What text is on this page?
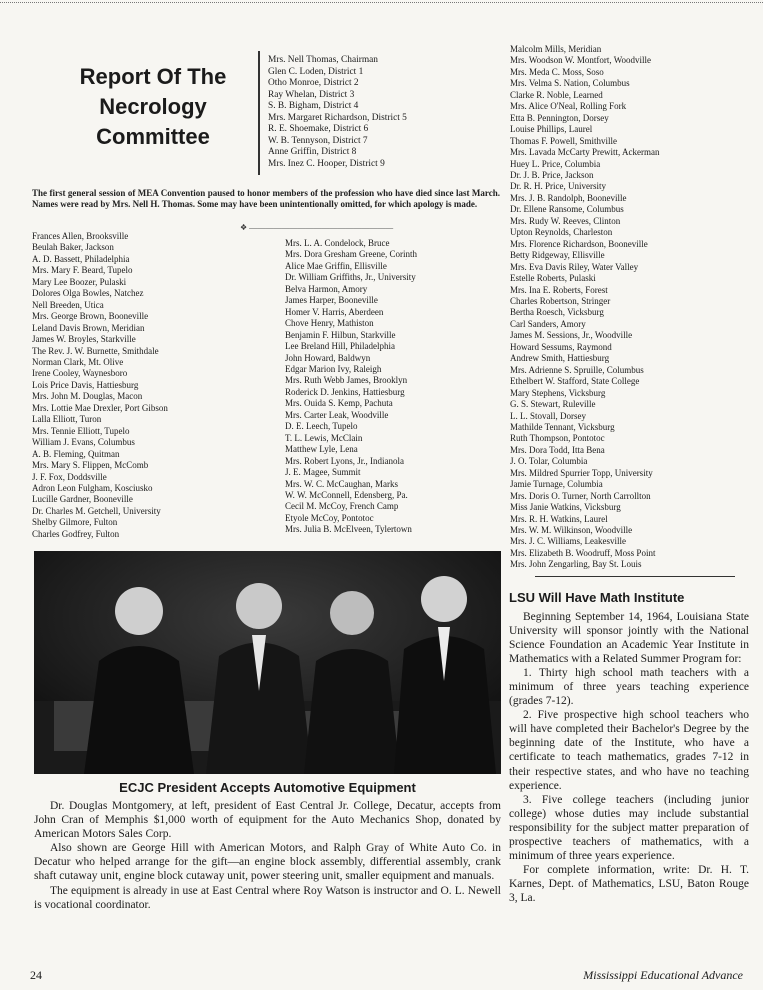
Report Of The Necrology Committee
Mrs. Nell Thomas, Chairman
Glen C. Loden, District 1
Otho Monroe, District 2
Ray Whelan, District 3
S. B. Bigham, District 4
Mrs. Margaret Richardson, District 5
R. E. Shoemake, District 6
W. B. Tennyson, District 7
Anne Griffin, District 8
Mrs. Inez C. Hooper, District 9
The first general session of MEA Convention paused to honor members of the profession who have died since last March. Names were read by Mrs. Nell H. Thomas. Some may have been unintentionally omitted, for which apology is made.
❖ ——————————————————
Frances Allen, Brooksville
Beulah Baker, Jackson
A. D. Bassett, Philadelphia
Mrs. Mary F. Beard, Tupelo
Mary Lee Boozer, Pulaski
Dolores Olga Bowles, Natchez
Nell Breeden, Utica
Mrs. George Brown, Booneville
Leland Davis Brown, Meridian
James W. Broyles, Starkville
The Rev. J. W. Burnette, Smithdale
Norman Clark, Mt. Olive
Irene Cooley, Waynesboro
Lois Price Davis, Hattiesburg
Mrs. John M. Douglas, Macon
Mrs. Lottie Mae Drexler, Port Gibson
Lalla Elliott, Turon
Mrs. Tennie Elliott, Tupelo
William J. Evans, Columbus
A. B. Fleming, Quitman
Mrs. Mary S. Flippen, McComb
J. F. Fox, Doddsville
Adron Leon Fulgham, Kosciusko
Lucille Gardner, Booneville
Dr. Charles M. Getchell, University
Shelby Gilmore, Fulton
Charles Godfrey, Fulton
Mrs. L. A. Condelock, Bruce
Mrs. Dora Gresham Greene, Corinth
Alice Mae Griffin, Ellisville
Dr. William Griffiths, Jr., University
Belva Harmon, Amory
James Harper, Booneville
Homer V. Harris, Aberdeen
Chove Henry, Mathiston
Benjamin F. Hilbun, Starkville
Lee Breland Hill, Philadelphia
John Howard, Baldwyn
Edgar Marion Ivy, Raleigh
Mrs. Ruth Webb James, Brooklyn
Roderick D. Jenkins, Hattiesburg
Mrs. Ouida S. Kemp, Pachuta
Mrs. Carter Leak, Woodville
D. E. Leech, Tupelo
T. L. Lewis, McClain
Matthew Lyle, Lena
Mrs. Robert Lyons, Jr., Indianola
J. E. Magee, Summit
Mrs. W. C. McCaughan, Marks
W. W. McConnell, Edensberg, Pa.
Cecil M. McCoy, French Camp
Etyole McCoy, Pontotoc
Mrs. Julia B. McElveen, Tylertown
Malcolm Mills, Meridian
Mrs. Woodson W. Montfort, Woodville
Mrs. Meda C. Moss, Soso
Mrs. Velma S. Nation, Columbus
Clarke R. Noble, Learned
Mrs. Alice O'Neal, Rolling Fork
Etta B. Pennington, Dorsey
Louise Phillips, Laurel
Thomas F. Powell, Smithville
Mrs. Lavada McCarty Prewitt, Ackerman
Huey L. Price, Columbia
Dr. J. B. Price, Jackson
Dr. R. H. Price, University
Mrs. J. B. Randolph, Booneville
Dr. Ellene Ransome, Columbus
Mrs. Rudy W. Reeves, Clinton
Upton Reynolds, Charleston
Mrs. Florence Richardson, Booneville
Betty Ridgeway, Ellisville
Mrs. Eva Davis Riley, Water Valley
Estelle Roberts, Pulaski
Mrs. Ina E. Roberts, Forest
Charles Robertson, Stringer
Bertha Roesch, Vicksburg
Carl Sanders, Amory
James M. Sessions, Jr., Woodville
Howard Sessums, Raymond
Andrew Smith, Hattiesburg
Mrs. Adrienne S. Spruille, Columbus
Ethelbert W. Stafford, State College
Mary Stephens, Vicksburg
G. S. Stewart, Ruleville
L. L. Stovall, Dorsey
Mathilde Tennant, Vicksburg
Ruth Thompson, Pontotoc
Mrs. Dora Todd, Itta Bena
J. O. Tolar, Columbia
Mrs. Mildred Spurrier Topp, University
Jamie Turnage, Columbia
Mrs. Doris O. Turner, North Carrollton
Miss Janie Watkins, Vicksburg
Mrs. R. H. Watkins, Laurel
Mrs. W. M. Wilkinson, Woodville
Mrs. J. C. Williams, Leakesville
Mrs. Elizabeth B. Woodruff, Moss Point
Mrs. John Zengarling, Bay St. Louis
ECJC President Accepts Automotive Equipment

Dr. Douglas Montgomery, at left, president of East Central Jr. College, Decatur, accepts from John Cran of Memphis $1,000 worth of equipment for the Auto Mechanics Shop, donated by American Motors Sales Corp.

Also shown are George Hill with American Motors, and Ralph Gray of White Auto Co. in Decatur who helped arrange for the gift—an engine block assembly, differential assembly, crank shaft cutaway unit, engine block cutaway unit, power steering unit, smaller equipment and manuals.

The equipment is already in use at East Central where Roy Watson is instructor and O. L. Newell is vocational coordinator.

LSU Will Have Math Institute

Beginning September 14, 1964, Louisiana State University will sponsor jointly with the National Science Foundation an Academic Year Institute in Mathematics with a Related Summer Program for:

1. Thirty high school math teachers with a minimum of three years teaching experience (grades 7-12).

2. Five prospective high school teachers who will have completed their Bachelor's Degree by the beginning date of the Institute, who have a certificate to teach mathematics, grades 7-12 in their respective states, and who have no teaching experience.

3. Five college teachers (including junior college) whose duties may include substantial responsibility for the subject matter preparation of prospective teachers of mathematics, with a minimum of three years experience.

For complete information, write: Dr. H. T. Karnes, Dept. of Mathematics, LSU, Baton Rouge 3, La.

24	Mississippi Educational Advance
